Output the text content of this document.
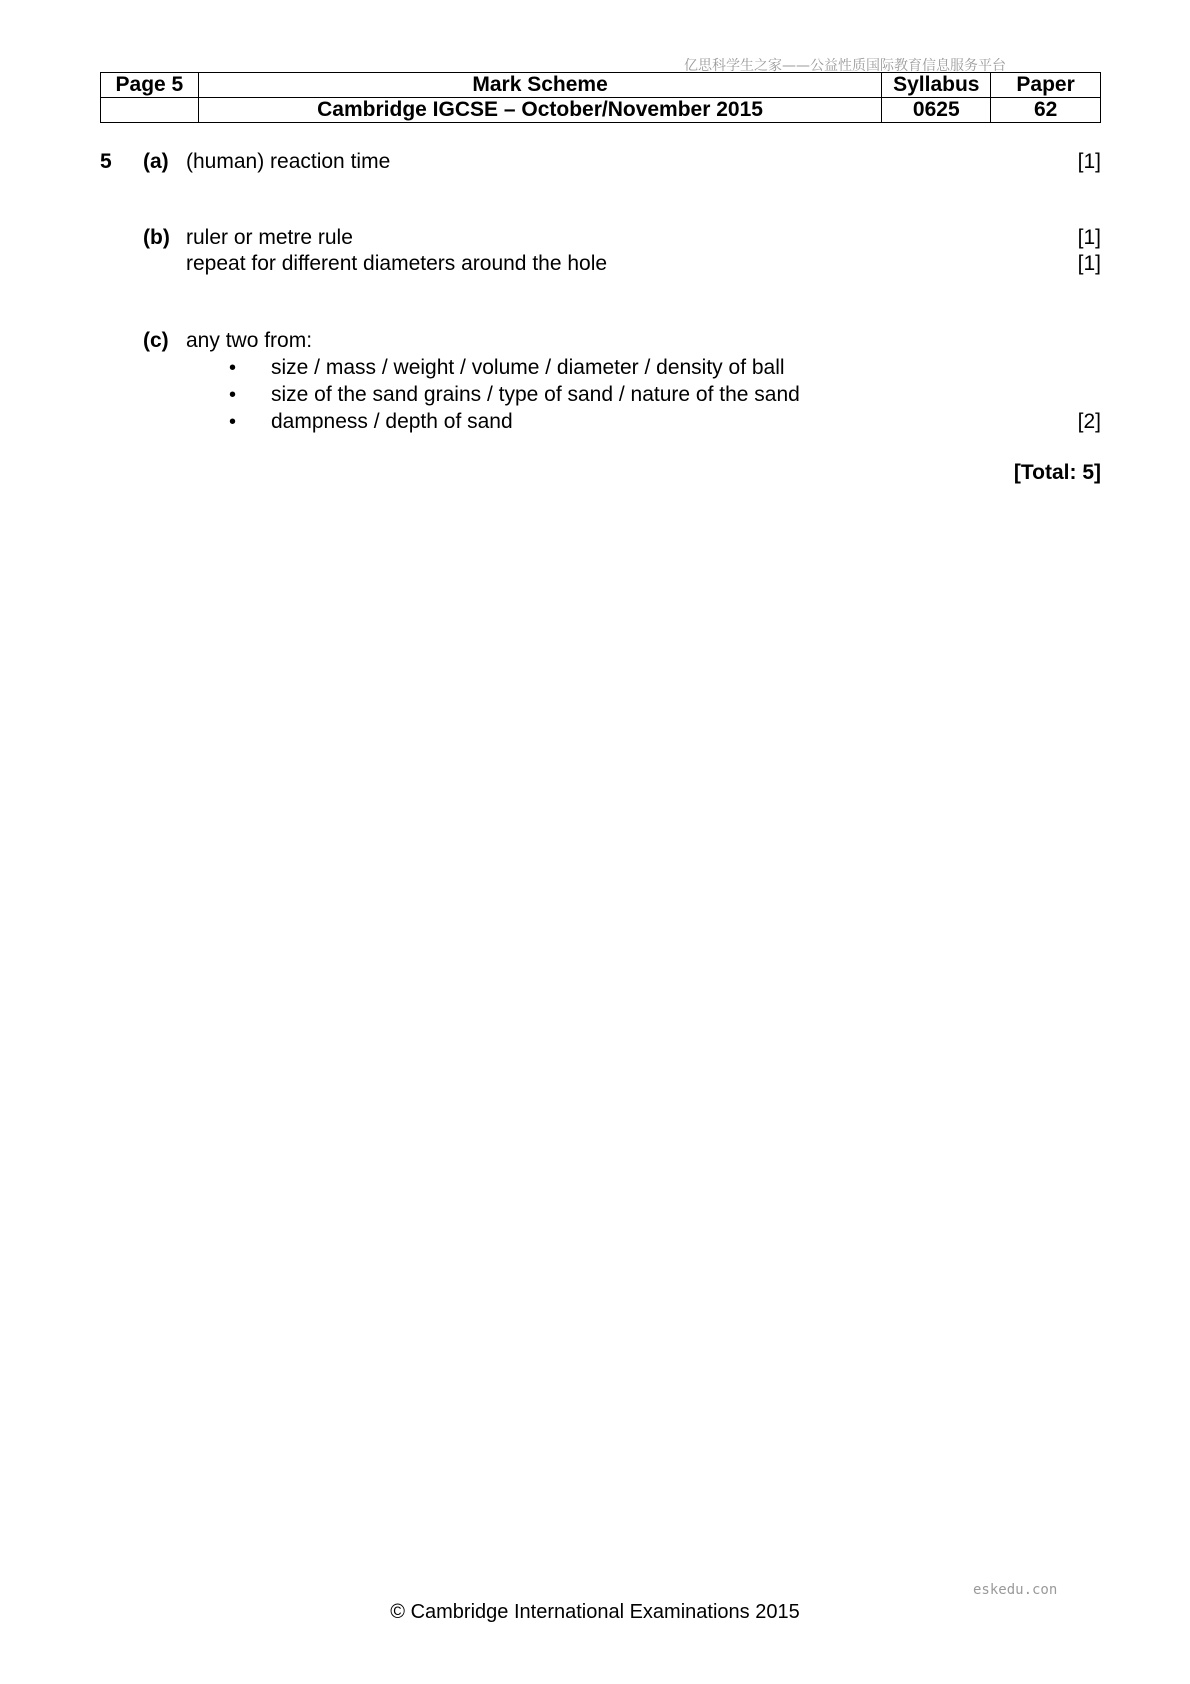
亿思科学生之家——公益性质国际教育信息服务平台
Page 5	Mark Scheme	Syllabus	Paper
	Cambridge IGCSE – October/November 2015	0625	62
5 (a) (human) reaction time	[1]
(b) ruler or metre rule	[1]
repeat for different diameters around the hole	[1]
(c) any two from:
• size / mass / weight / volume / diameter / density of ball
• size of the sand grains / type of sand / nature of the sand
• dampness / depth of sand	[2]
[Total: 5]
eskedu.con
© Cambridge International Examinations 2015
